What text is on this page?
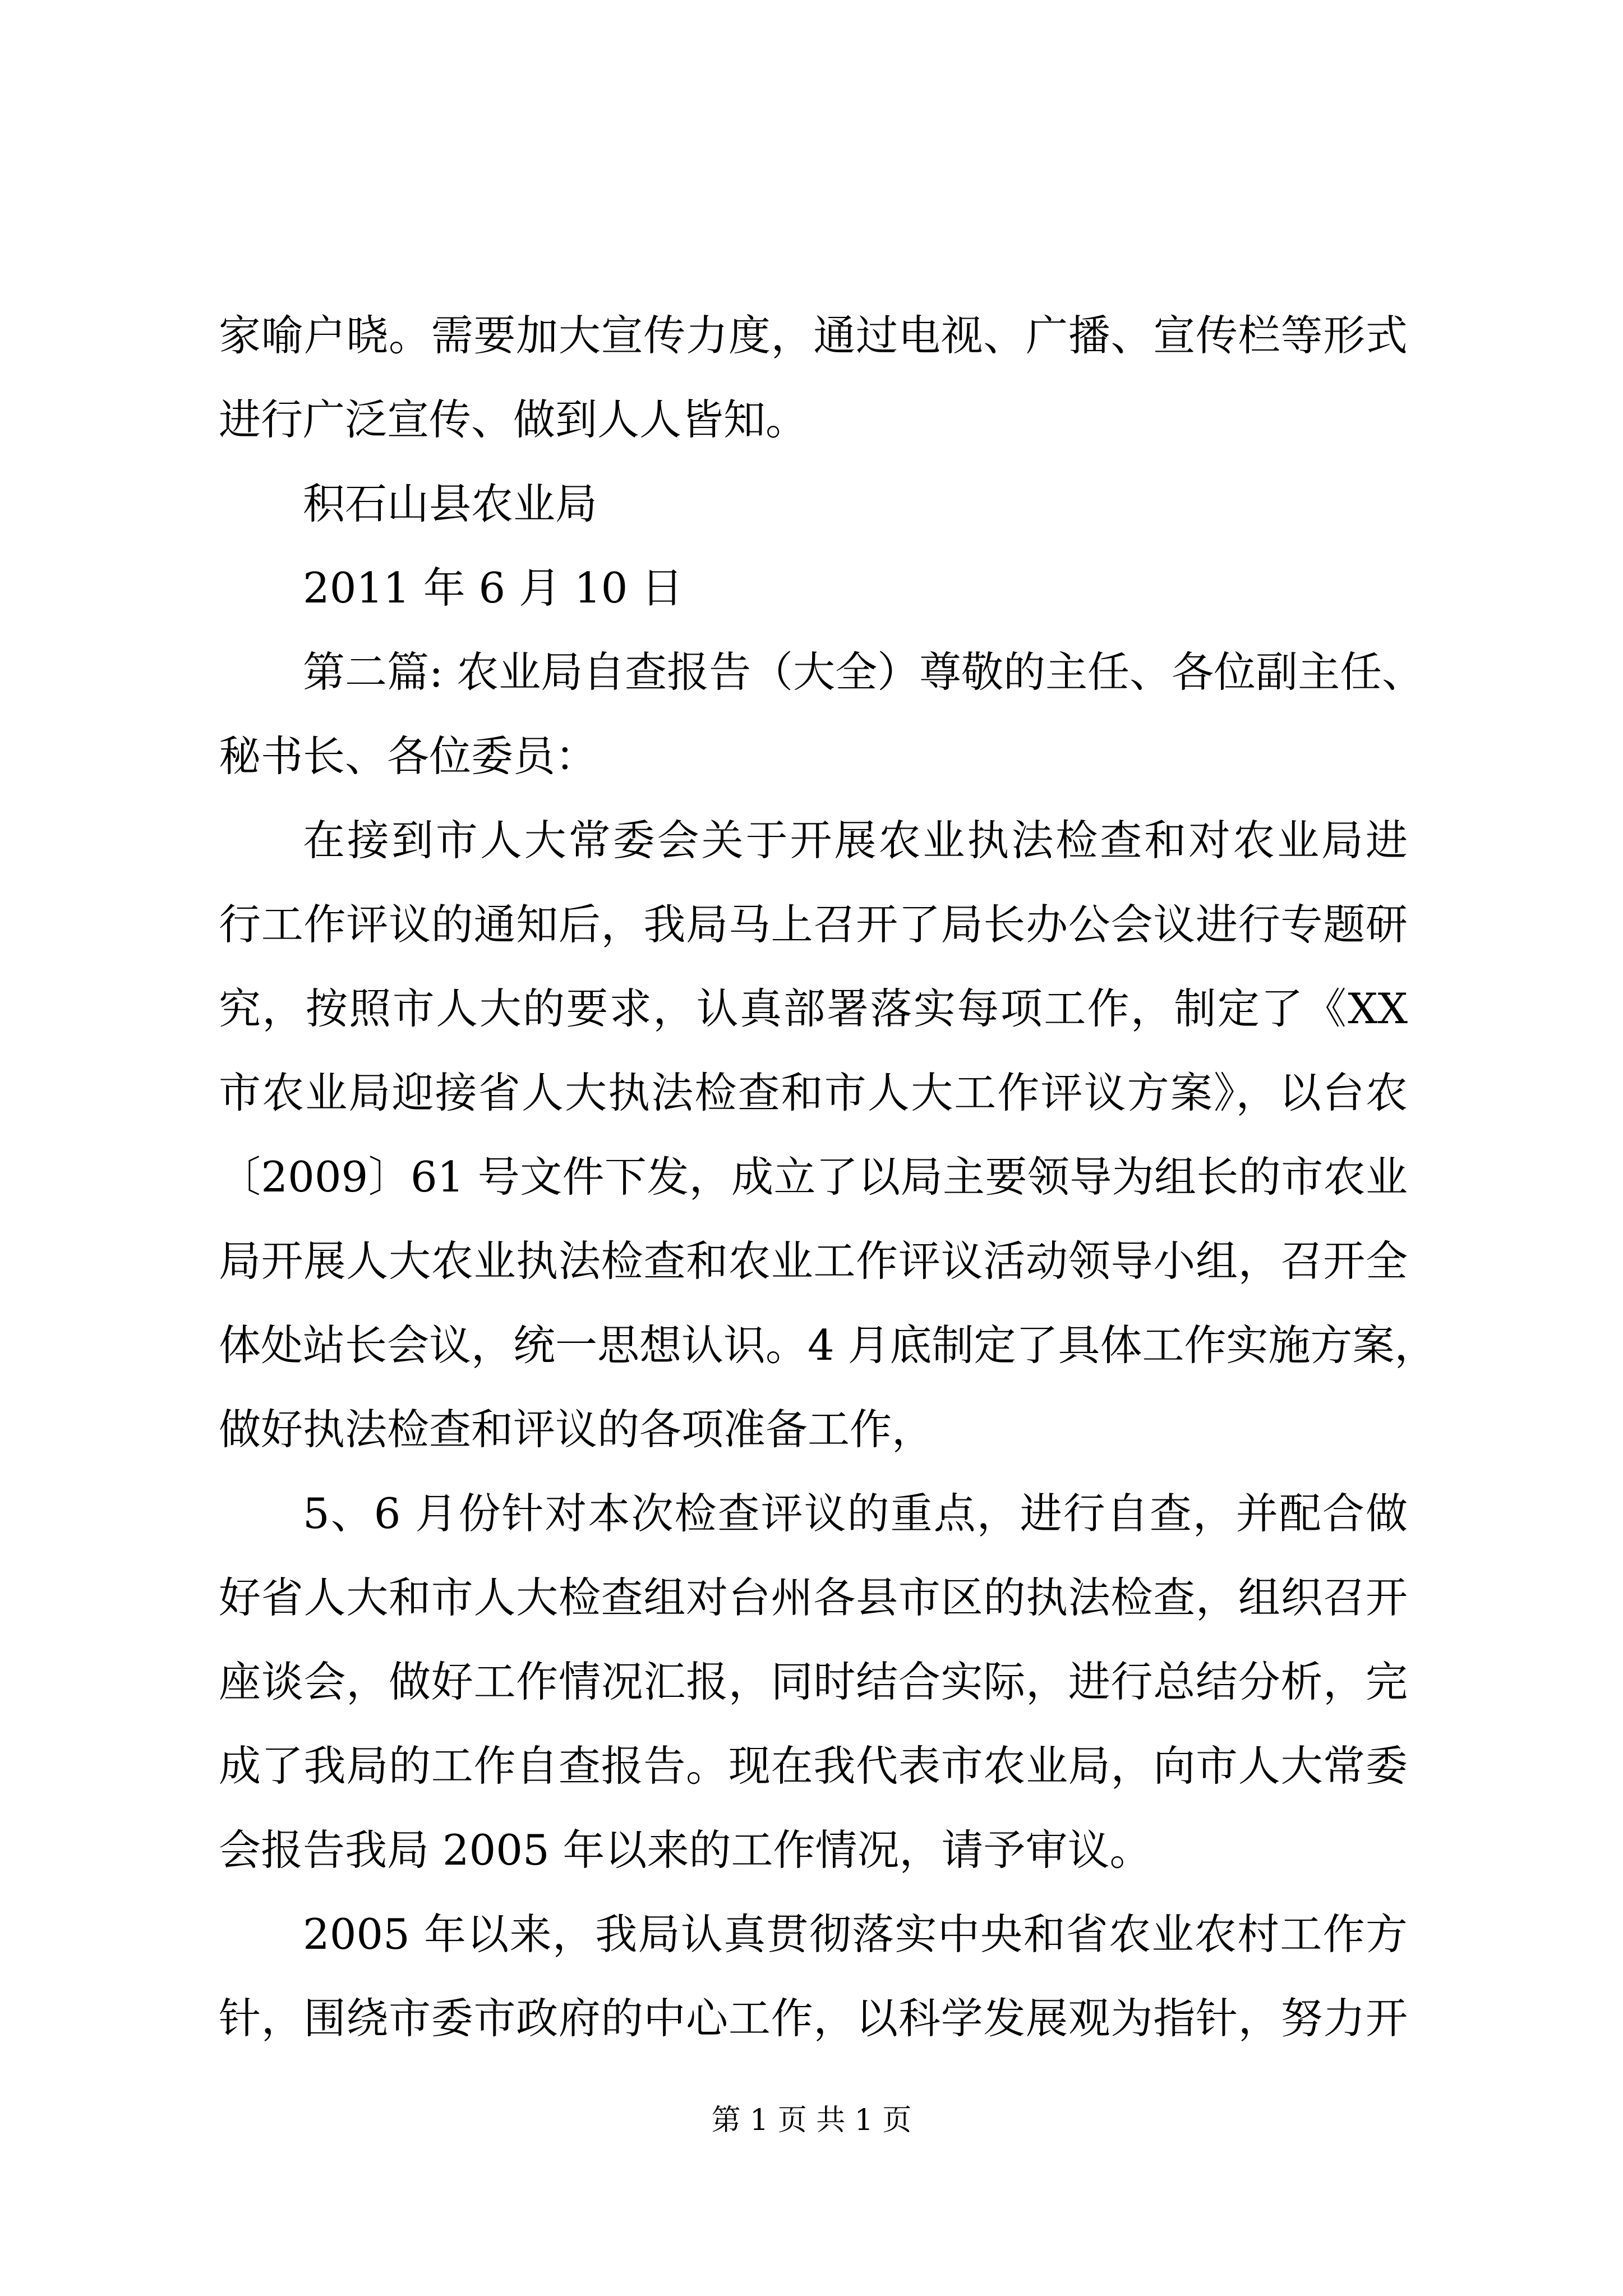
家喻户晓。需要加大宣传力度，通过电视、广播、宣传栏等形式
进行广泛宣传、做到人人皆知。
积石山县农业局
2011 年 6 月 10 日
第二篇: 农业局自查报告（大全）尊敬的主任、各位副主任、
秘书长、各位委员：
在接到市人大常委会关于开展农业执法检查和对农业局进
行工作评议的通知后，我局马上召开了局长办公会议进行专题研
究，按照市人大的要求，认真部署落实每项工作，制定了《XX
市农业局迎接省人大执法检查和市人大工作评议方案》，以台农
〔2009〕61 号文件下发，成立了以局主要领导为组长的市农业
局开展人大农业执法检查和农业工作评议活动领导小组，召开全
体处站长会议，统一思想认识。4 月底制定了具体工作实施方案，
做好执法检查和评议的各项准备工作，
5、6 月份针对本次检查评议的重点，进行自查，并配合做
好省人大和市人大检查组对台州各县市区的执法检查，组织召开
座谈会，做好工作情况汇报，同时结合实际，进行总结分析，完
成了我局的工作自查报告。现在我代表市农业局，向市人大常委
会报告我局 2005 年以来的工作情况，请予审议。
2005 年以来，我局认真贯彻落实中央和省农业农村工作方
针，围绕市委市政府的中心工作，以科学发展观为指针，努力开
第 1 页 共 1 页
